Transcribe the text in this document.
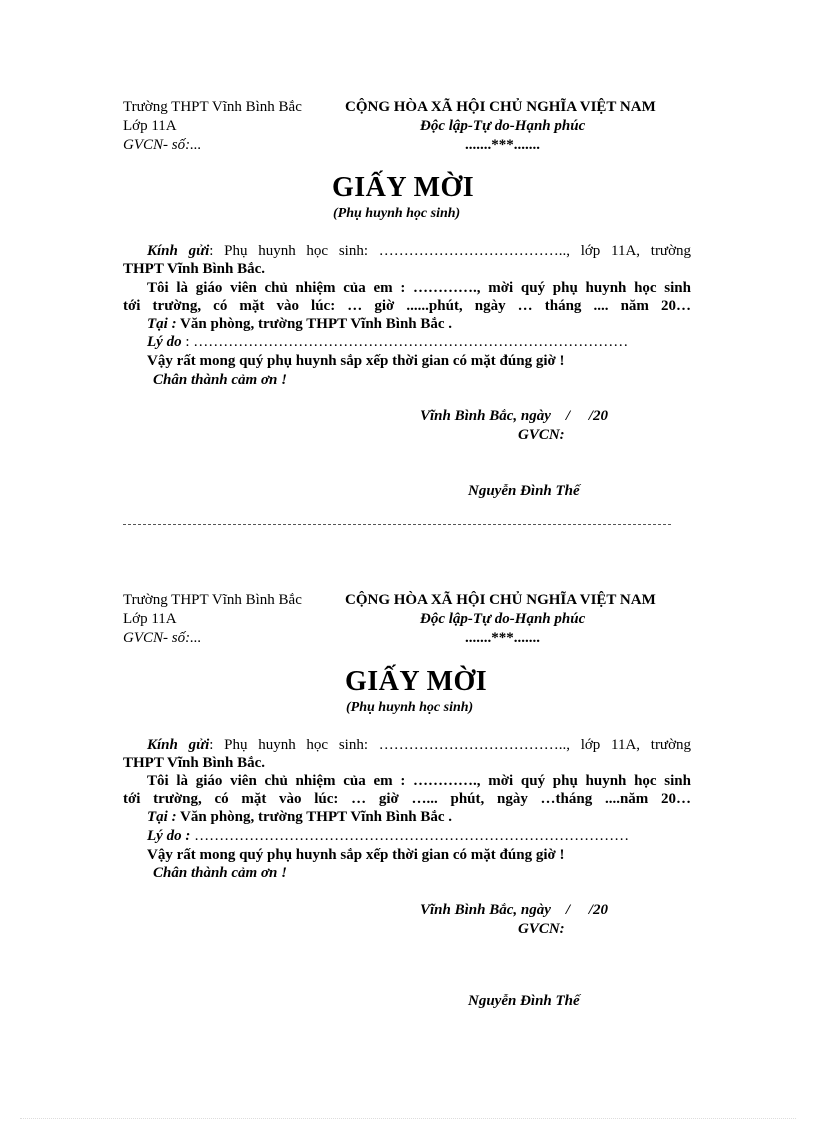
Trường THPT Vĩnh Bình Bắc	CỘNG HÒA XÃ HỘI CHỦ NGHĨA VIỆT NAM
Lớp 11A	Độc lập-Tự do-Hạnh phúc
GVCN- số:...	.......***.......
GIẤY MỜI
(Phụ huynh học sinh)
Kính gửi: Phụ huynh học sinh: ……………………………….., lớp 11A, trường
THPT Vĩnh Bình Bắc.
Tôi là giáo viên chủ nhiệm của em : …………., mời quý phụ huynh học sinh
tới trường, có mặt vào lúc: … giờ ......phút, ngày … tháng .... năm 20…
Tại : Văn phòng, trường THPT Vĩnh Bình Bắc .
Lý do : ……………………………………………………………………………
Vậy rất mong quý phụ huynh sắp xếp thời gian có mặt đúng giờ !
Chân thành cảm ơn !
Vĩnh Bình Bắc, ngày    /     /20
GVCN:
Nguyễn Đình Thế
Trường THPT Vĩnh Bình Bắc	CỘNG HÒA XÃ HỘI CHỦ NGHĨA VIỆT NAM
Lớp 11A	Độc lập-Tự do-Hạnh phúc
GVCN- số:...	.......***.......
GIẤY MỜI
(Phụ huynh học sinh)
Kính gửi: Phụ huynh học sinh: ……………………………….., lớp 11A, trường
THPT Vĩnh Bình Bắc.
Tôi là giáo viên chủ nhiệm của em : …………., mời quý phụ huynh học sinh
tới trường, có mặt vào lúc: … giờ …... phút, ngày …tháng ....năm 20…
Tại : Văn phòng, trường THPT Vĩnh Bình Bắc .
Lý do : ……………………………………………………………………………
Vậy rất mong quý phụ huynh sắp xếp thời gian có mặt đúng giờ !
Chân thành cảm ơn !
Vĩnh Bình Bắc, ngày    /     /20
GVCN:
Nguyễn Đình Thế
